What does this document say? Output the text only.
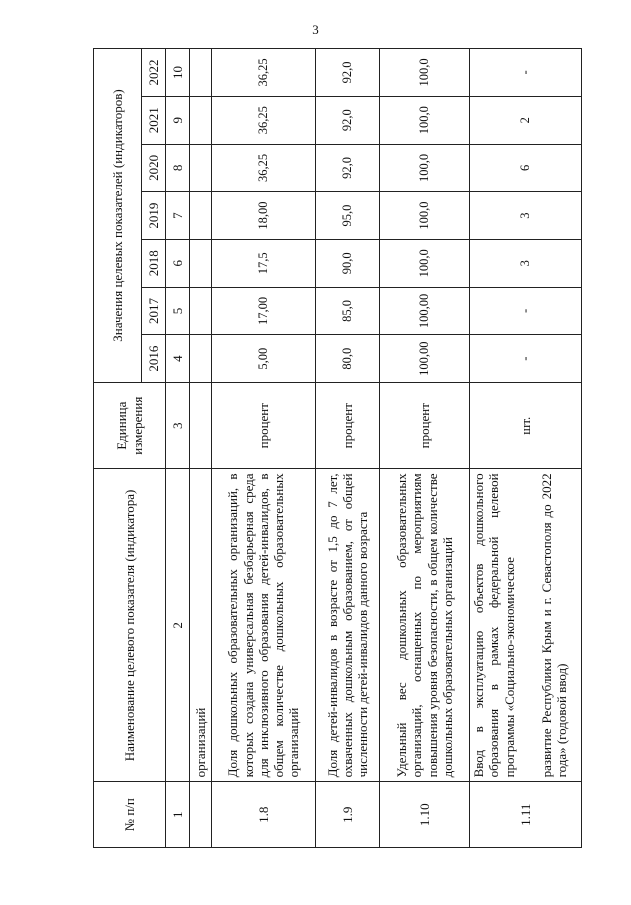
3
№ п/п	Наименование целевого показателя (индикатора)	Единица измерения	Значения целевых показателей (индикаторов)						
			2016	2017	2018	2019	2020	2021	2022
1	2	3	4	5	6	7	8	9	10
	организаций								
1.8	Доля дошкольных образовательных организаций, в которых создана универсальная безбарьерная среда для инклюзивного образования детей-инвалидов, в общем количестве дошкольных образовательных организаций	процент	5,00	17,00	17,5	18,00	36,25	36,25	36,25
1.9	Доля детей-инвалидов в возрасте от 1,5 до 7 лет, охваченных дошкольным образованием, от общей численности детей-инвалидов данного возраста	процент	80,0	85,0	90,0	95,0	92,0	92,0	92,0
1.10	Удельный вес дошкольных образовательных организаций, оснащенных по мероприятиям повышения уровня безопасности, в общем количестве дошкольных образовательных организаций	процент	100,00	100,00	100,0	100,0	100,0	100,0	100,0
1.11	Ввод в эксплуатацию объектов дошкольного образования в рамках федеральной целевой программы «Социально-экономическое развитие Республики Крым и г. Севастополя до 2022 года» (годовой ввод)	шт.	-	-	3	3	6	2	-
